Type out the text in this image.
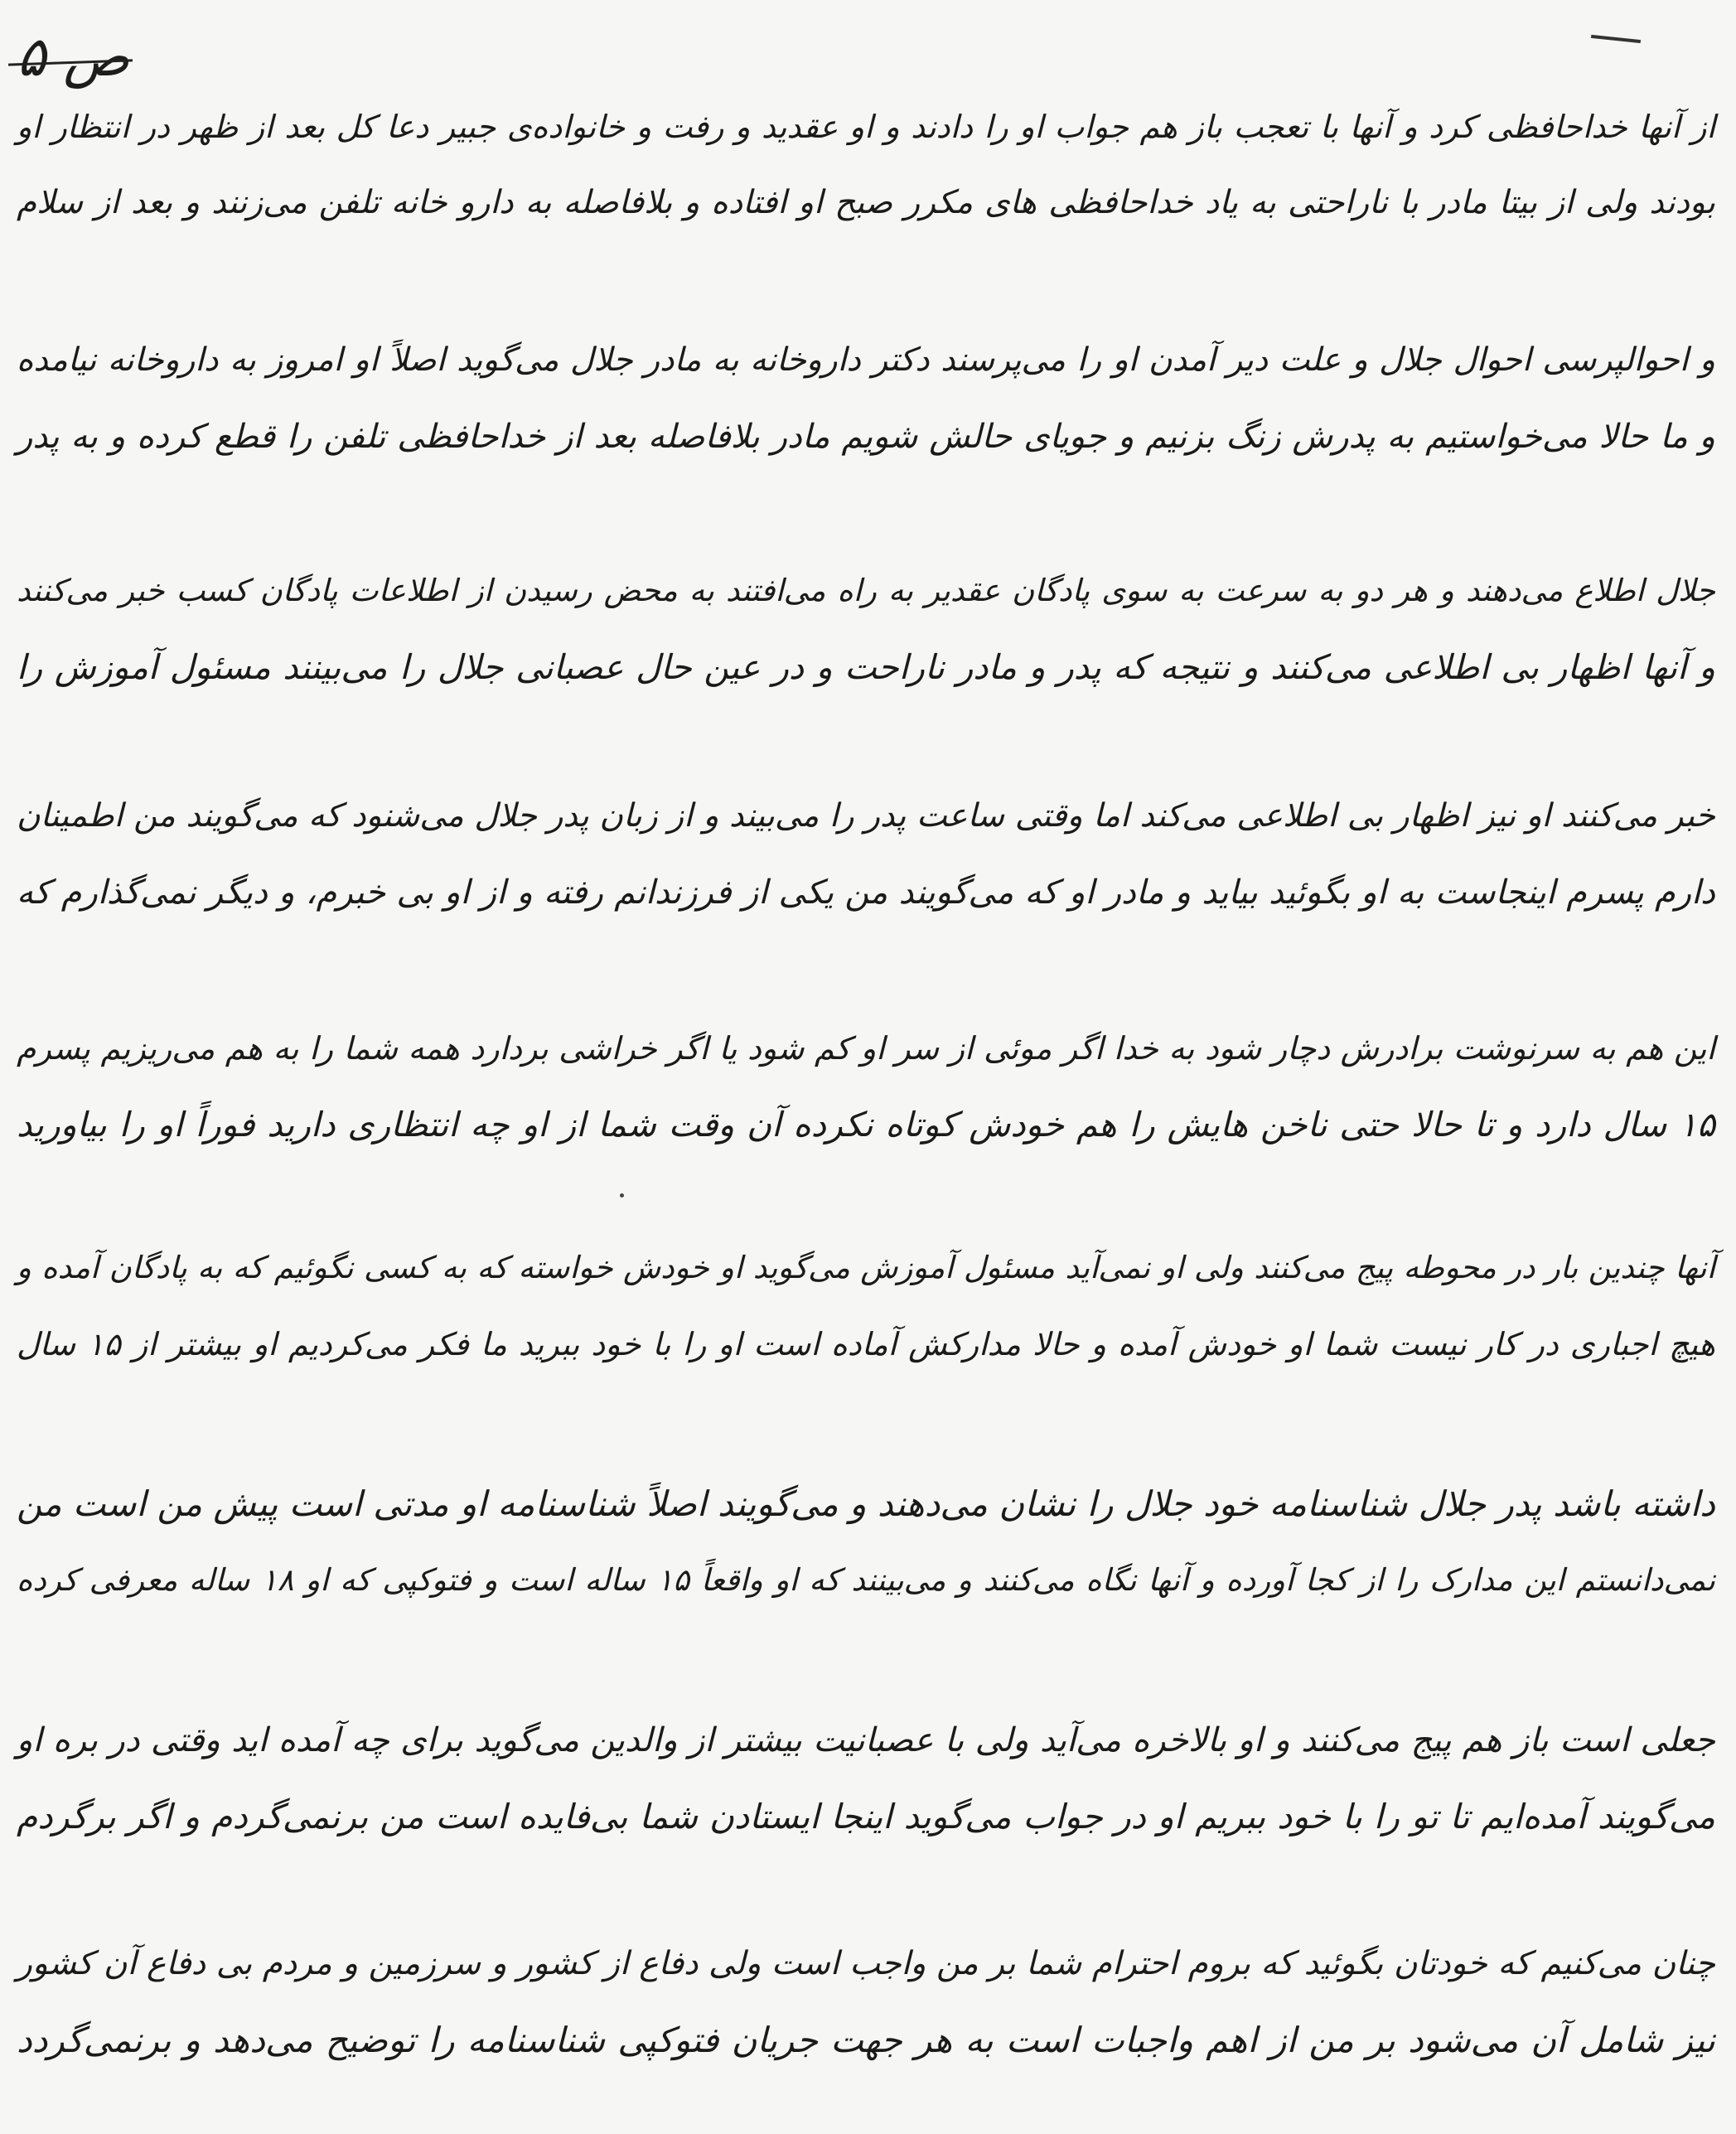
ص ۵
از آنها خداحافظی کرد و آنها با تعجب باز هم جواب او را دادند و او عقدید و رفت و خانواده‌ی جبیر دعا کل بعد از ظهر در انتظار او
بودند ولی از بیتا مادر با ناراحتی به یاد خداحافظی های مکرر صبح او افتاده و بلافاصله به دارو خانه تلفن می‌زنند و بعد از سلام
و احوالپرسی احوال جلال و علت دیر آمدن او را می‌پرسند دکتر داروخانه به مادر جلال می‌گوید اصلاً او امروز به داروخانه نیامده
و ما حالا می‌خواستیم به پدرش زنگ بزنیم و جویای حالش شویم مادر بلافاصله بعد از خداحافظی تلفن را قطع کرده و به پدر
جلال اطلاع می‌دهند و هر دو به سرعت به سوی پادگان عقدیر به راه می‌افتند به محض رسیدن از اطلاعات پادگان کسب خبر می‌کنند
و آنها اظهار بی اطلاعی می‌کنند و نتیجه که پدر و مادر ناراحت و در عین حال عصبانی جلال را می‌بینند مسئول آموزش را
خبر می‌کنند او نیز اظهار بی اطلاعی می‌کند اما وقتی ساعت پدر را می‌بیند و از زبان پدر جلال می‌شنود که می‌گویند من اطمینان
دارم پسرم اینجاست به او بگوئید بیاید و مادر او که می‌گویند من یکی از فرزندانم رفته و از او بی خبرم، و دیگر نمی‌گذارم که
این هم به سرنوشت برادرش دچار شود به خدا اگر موئی از سر او کم شود یا اگر خراشی بردارد همه شما را به هم می‌ریزیم پسرم
۱۵ سال دارد و تا حالا حتی ناخن هایش را هم خودش کوتاه نکرده آن وقت شما از او چه انتظاری دارید فوراً او را بیاورید
آنها چندین بار در محوطه پیج می‌کنند ولی او نمی‌آید مسئول آموزش می‌گوید او خودش خواسته که به کسی نگوئیم که به پادگان آمده و
هیچ اجباری در کار نیست شما او خودش آمده و حالا مدارکش آماده است او را با خود ببرید ما فکر می‌کردیم او بیشتر از ۱۵ سال
داشته باشد پدر جلال شناسنامه خود جلال را نشان می‌دهند و می‌گویند اصلاً شناسنامه او مدتی است پیش من است من
نمی‌دانستم این مدارک را از کجا آورده و آنها نگاه می‌کنند و می‌بینند که او واقعاً ۱۵ ساله است و فتوکپی که او ۱۸ ساله معرفی کرده
جعلی است باز هم پیج می‌کنند و او بالاخره می‌آید ولی با عصبانیت بیشتر از والدین می‌گوید برای چه آمده اید وقتی در بره او
می‌گویند آمده‌ایم تا تو را با خود ببریم او در جواب می‌گوید اینجا ایستادن شما بی‌فایده است من برنمی‌گردم و اگر برگردم
چنان می‌کنیم که خودتان بگوئید که بروم احترام شما بر من واجب است ولی دفاع از کشور و سرزمین و مردم بی دفاع آن کشور
نیز شامل آن می‌شود بر من از اهم واجبات است به هر جهت جریان فتوکپی شناسنامه را توضیح می‌دهد و برنمی‌گردد
